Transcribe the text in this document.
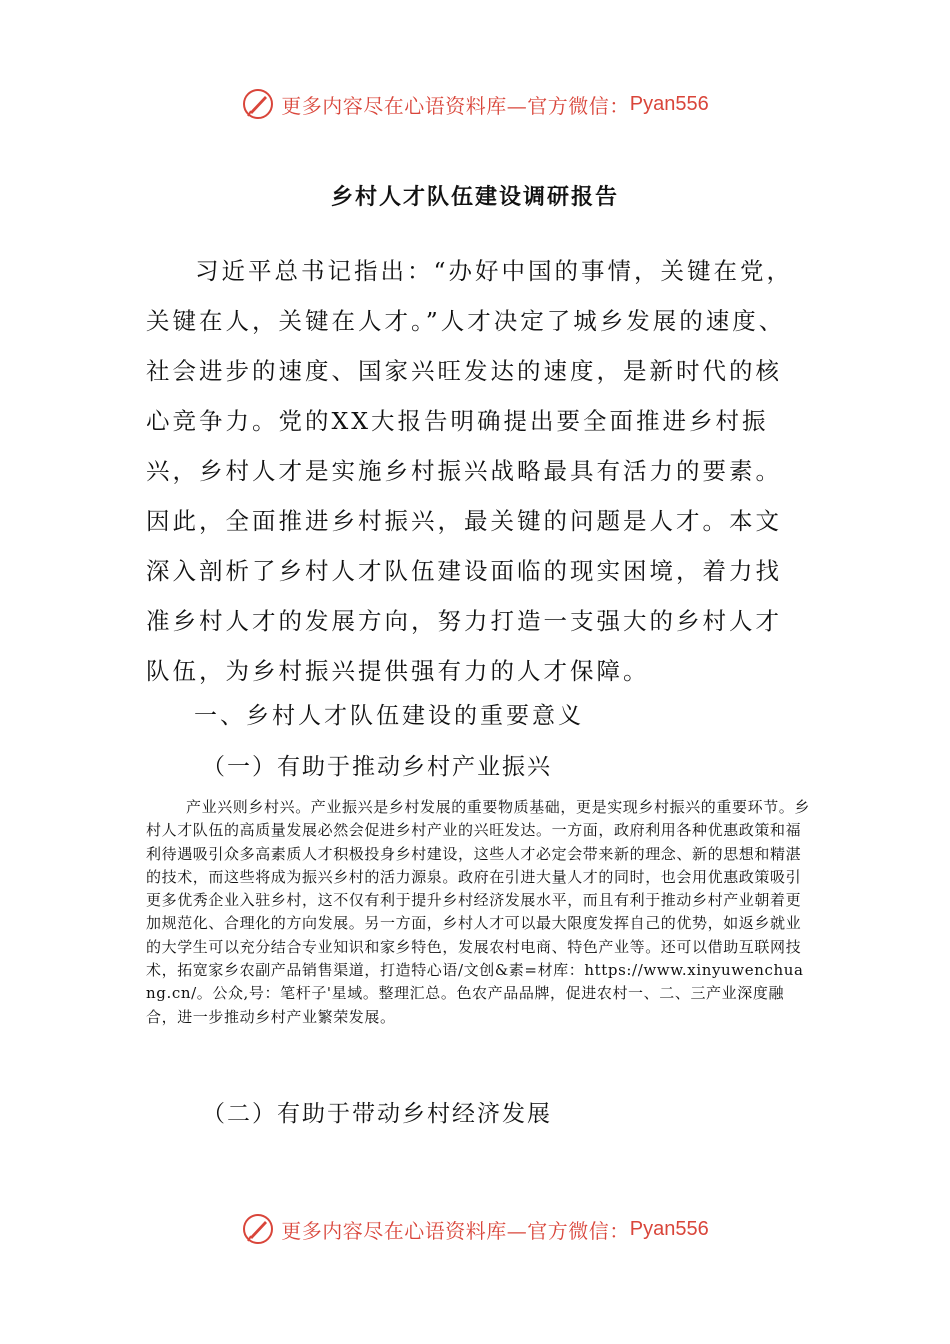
更多内容尽在心语资料库—官方微信： Pyan556
乡村人才队伍建设调研报告

习近平总书记指出：“办好中国的事情，关键在党，关键在人，关键在人才。”人才决定了城乡发展的速度、社会进步的速度、国家兴旺发达的速度，是新时代的核心竞争力。党的XX大报告明确提出要全面推进乡村振兴，乡村人才是实施乡村振兴战略最具有活力的要素。因此，全面推进乡村振兴，最关键的问题是人才。本文深入剖析了乡村人才队伍建设面临的现实困境，着力找准乡村人才的发展方向，努力打造一支强大的乡村人才队伍，为乡村振兴提供强有力的人才保障。

一、乡村人才队伍建设的重要意义
（一）有助于推动乡村产业振兴

产业兴则乡村兴。产业振兴是乡村发展的重要物质基础，更是实现乡村振兴的重要环节。乡村人才队伍的高质量发展必然会促进乡村产业的兴旺发达。一方面，政府利用各种优惠政策和福利待遇吸引众多高素质人才积极投身乡村建设，这些人才必定会带来新的理念、新的思想和精湛的技术，而这些将成为振兴乡村的活力源泉。政府在引进大量人才的同时，也会用优惠政策吸引更多优秀企业入驻乡村，这不仅有利于提升乡村经济发展水平，而且有利于推动乡村产业朝着更加规范化、合理化的方向发展。另一方面，乡村人才可以最大限度发挥自己的优势，如返乡就业的大学生可以充分结合专业知识和家乡特色，发展农村电商、特色产业等。还可以借助互联网技术，拓宽家乡农副产品销售渠道，打造特心语/文创&素=材库：https://www.xinyuwenchuang.cn/。公众,号：笔杆子'星域。整理汇总。色农产品品牌，促进农村一、二、三产业深度融合，进一步推动乡村产业繁荣发展。

（二）有助于带动乡村经济发展
更多内容尽在心语资料库—官方微信： Pyan556
